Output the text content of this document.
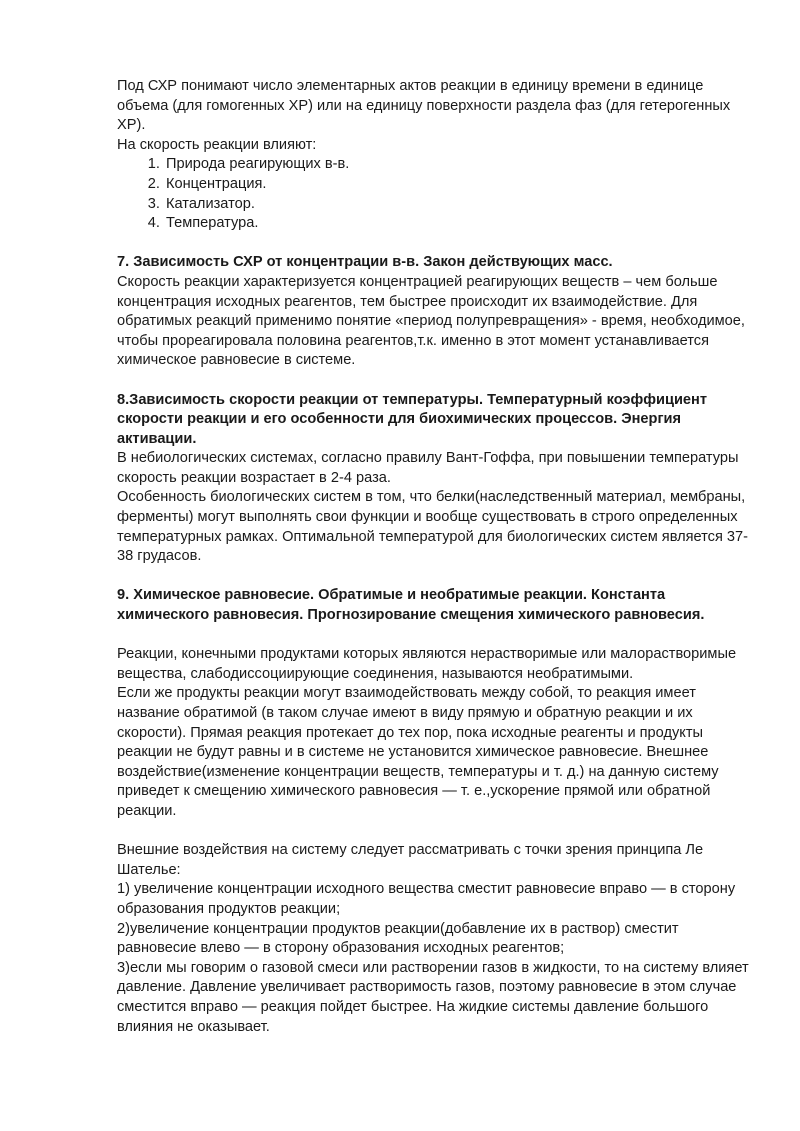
Под СХР понимают число элементарных актов реакции в единицу времени в единице объема (для гомогенных ХР) или на единицу поверхности раздела фаз (для гетерогенных ХР).

На скорость реакции влияют:

1. Природа реагирующих в-в.
2. Концентрация.
3. Катализатор.
4. Температура.

7. Зависимость СХР от концентрации в-в. Закон действующих масс.

Скорость реакции характеризуется концентрацией реагирующих веществ – чем больше концентрация исходных реагентов, тем быстрее происходит их взаимодействие. Для обратимых реакций применимо понятие «период полупревращения» - время, необходимое, чтобы прореагировала половина реагентов,т.к. именно в этот момент устанавливается химическое равновесие в системе.

8.Зависимость скорости реакции от температуры. Температурный коэффициент скорости реакции и его особенности для биохимических процессов. Энергия активации.

В небиологических системах, согласно правилу Вант-Гоффа, при повышении температуры скорость реакции возрастает в 2-4 раза.

Особенность биологических систем в том, что белки(наследственный материал, мембраны, ферменты) могут выполнять свои функции и вообще существовать в строго определенных температурных рамках. Оптимальной температурой для биологических систем является 37-38 грудасов.

9. Химическое равновесие. Обратимые и необратимые реакции. Константа химического равновесия. Прогнозирование смещения химического равновесия.

Реакции, конечными продуктами которых являются нерастворимые или малорастворимые вещества, слабодиссоциирующие соединения, называются необратимыми.

Если же продукты реакции могут взаимодействовать между собой, то реакция имеет название обратимой (в таком случае имеют в виду прямую и обратную реакции и их скорости). Прямая реакция протекает до тех пор, пока исходные реагенты и продукты реакции не будут равны и в системе не установится химическое равновесие. Внешнее воздействие(изменение концентрации веществ, температуры и т. д.) на данную систему приведет к смещению химического равновесия — т. е.,ускорение прямой или обратной реакции.

Внешние воздействия на систему следует рассматривать с точки зрения принципа Ле Шателье:

1) увеличение концентрации исходного вещества сместит равновесие вправо — в сторону образования продуктов реакции;

2)увеличение концентрации продуктов реакции(добавление их в раствор) сместит равновесие влево — в сторону образования исходных реагентов;

3)если мы говорим о газовой смеси или растворении газов в жидкости, то на систему влияет давление. Давление увеличивает растворимость газов, поэтому равновесие в этом случае сместится вправо — реакция пойдет быстрее. На жидкие системы давление большого влияния не оказывает.
